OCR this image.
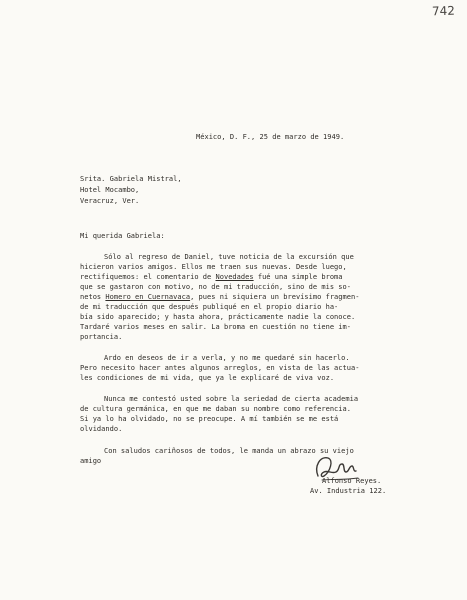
742
México, D. F., 25 de marzo de 1949.
Srita. Gabriela Mistral,
Hotel Mocambo,
Veracruz, Ver.
Mi querida Gabriela:
Sólo al regreso de Daniel, tuve noticia de la excursión que
hicieron varios amigos. Ellos me traen sus nuevas. Desde luego,
rectifiquemos: el comentario de Novedades fué una simple broma
que se gastaron con motivo, no de mi traducción, sino de mis so-
netos Homero en Cuernavaca, pues ni siquiera un brevísimo fragmen-
de mi traducción que después publiqué en el propio diario ha-
bía sido aparecido; y hasta ahora, prácticamente nadie la conoce.
Tardaré varios meses en salir. La broma en cuestión no tiene im-
portancia.
Ardo en deseos de ir a verla, y no me quedaré sin hacerlo.
Pero necesito hacer antes algunos arreglos, en vista de las actua-
les condiciones de mi vida, que ya le explicaré de viva voz.
Nunca me contestó usted sobre la seriedad de cierta academia
de cultura germánica, en que me daban su nombre como referencia.
Si ya lo ha olvidado, no se preocupe. A mí también se me está
olvidando.
Con saludos cariñosos de todos, le manda un abrazo su viejo
amigo
Alfonso Reyes.
Av. Industria 122.
